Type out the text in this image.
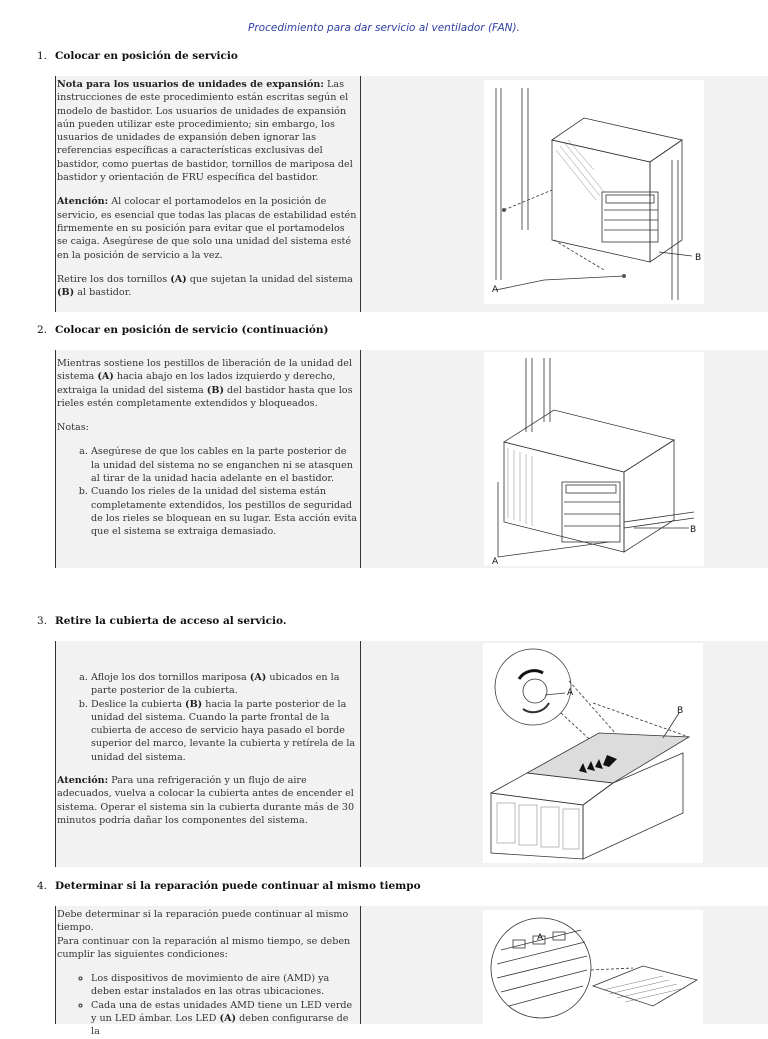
Procedimiento para dar servicio al ventilador (FAN).
1. Colocar en posición de servicio

Nota para los usuarios de unidades de expansión: Las instrucciones de este procedimiento están escritas según el modelo de bastidor. Los usuarios de unidades de expansión aún pueden utilizar este procedimiento; sin embargo, los usuarios de unidades de expansión deben ignorar las referencias específicas a características exclusivas del bastidor, como puertas de bastidor, tornillos de mariposa del bastidor y orientación de FRU específica del bastidor.

Atención: Al colocar el portamodelos en la posición de servicio, es esencial que todas las placas de estabilidad estén firmemente en su posición para evitar que el portamodelos se caiga. Asegúrese de que solo una unidad del sistema esté en la posición de servicio a la vez.

Retire los dos tornillos (A) que sujetan la unidad del sistema (B) al bastidor.	A
B
2. Colocar en posición de servicio (continuación)

Mientras sostiene los pestillos de liberación de la unidad del sistema (A) hacia abajo en los lados izquierdo y derecho, extraiga la unidad del sistema (B) del bastidor hasta que los rieles estén completamente extendidos y bloqueados.

Notas:

a. Asegúrese de que los cables en la parte posterior de la unidad del sistema no se enganchen ni se atasquen al tirar de la unidad hacia adelante en el bastidor.
b. Cuando los rieles de la unidad del sistema están completamente extendidos, los pestillos de seguridad de los rieles se bloquean en su lugar. Esta acción evita que el sistema se extraiga demasiado.
A
B
3. Retire la cubierta de acceso al servicio.
a. Afloje los dos tornillos mariposa (A) ubicados en la parte posterior de la cubierta.
b. Deslice la cubierta (B) hacia la parte posterior de la unidad del sistema. Cuando la parte frontal de la cubierta de acceso de servicio haya pasado el borde superior del marco, levante la cubierta y retírela de la unidad del sistema.

Atención: Para una refrigeración y un flujo de aire adecuados, vuelva a colocar la cubierta antes de encender el sistema. Operar el sistema sin la cubierta durante más de 30 minutos podría dañar los componentes del sistema.

A
B
4. Determinar si la reparación puede continuar al mismo tiempo
Debe determinar si la reparación puede continuar al mismo tiempo.

Para continuar con la reparación al mismo tiempo, se deben cumplir las siguientes condiciones:

◦ Los dispositivos de movimiento de aire (AMD) ya deben estar instalados en las otras ubicaciones.
◦ Cada una de estas unidades AMD tiene un LED verde y un LED ámbar. Los LED (A) deben configurarse de la
A
